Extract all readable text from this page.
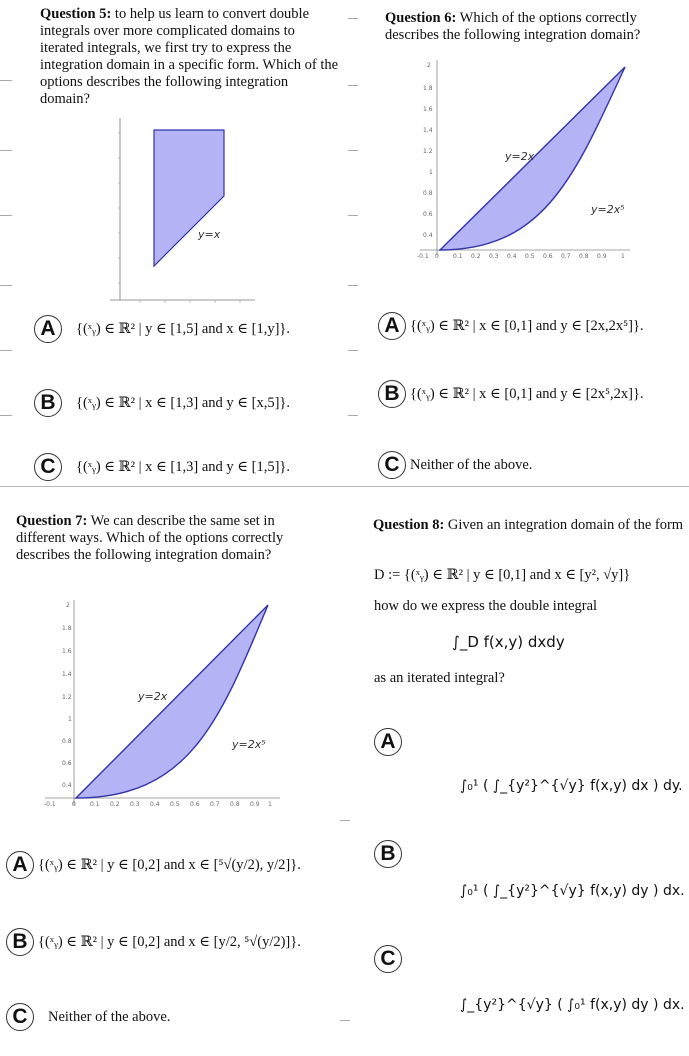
Question 5: to help us learn to convert double integrals over more complicated domains to iterated integrals, we first try to express the integration domain in a specific form. Which of the options describes the following integration domain?
y=x
A	{(ˣᵧ) ∈ ℝ² | y ∈ [1,5] and x ∈ [1,y]}.
B	{(ˣᵧ) ∈ ℝ² | x ∈ [1,3] and y ∈ [x,5]}.
C	{(ˣᵧ) ∈ ℝ² | x ∈ [1,3] and y ∈ [1,5]}.
Question 6: Which of the options correctly describes the following integration domain?
2
1.8
1.6
1.4
1.2
1
0.8
0.6
0.4
y=2x
y=2x⁵
-0.1 0 0.1 0.2 0.3 0.4 0.5 0.6 0.7 0.8 0.9 1
A {(ˣᵧ) ∈ ℝ² | x ∈ [0,1] and y ∈ [2x,2x⁵]}.
B {(ˣᵧ) ∈ ℝ² | x ∈ [0,1] and y ∈ [2x⁵,2x]}.
C Neither of the above.
Question 7: We can describe the same set in different ways. Which of the options correctly describes the following integration domain?
2
1.8
1.6
1.4
1.2
1
0.8
0.6
0.4
y=2x
y=2x⁵
-0.1	0 0.1 0.2 0.3 0.4 0.5 0.6 0.7 0.8 0.9 1
A {(ˣᵧ) ∈ ℝ² | y ∈ [0,2] and x ∈ [⁵√(y/2), y/2]}.
B {(ˣᵧ) ∈ ℝ² | y ∈ [0,2] and x ∈ [y/2, ⁵√(y/2)]}.
C	Neither of the above.
Question 8: Given an integration domain of the form
D := {(ˣᵧ) ∈ ℝ² | y ∈ [0,1] and x ∈ [y², √y]}
how do we express the double integral
∫_D f(x,y) dxdy
as an iterated integral?
A
∫₀¹ ( ∫_{y²}^{√y} f(x,y) dx ) dy.
B
∫₀¹ ( ∫_{y²}^{√y} f(x,y) dy ) dx.
C
∫_{y²}^{√y} ( ∫₀¹ f(x,y) dy ) dx.
